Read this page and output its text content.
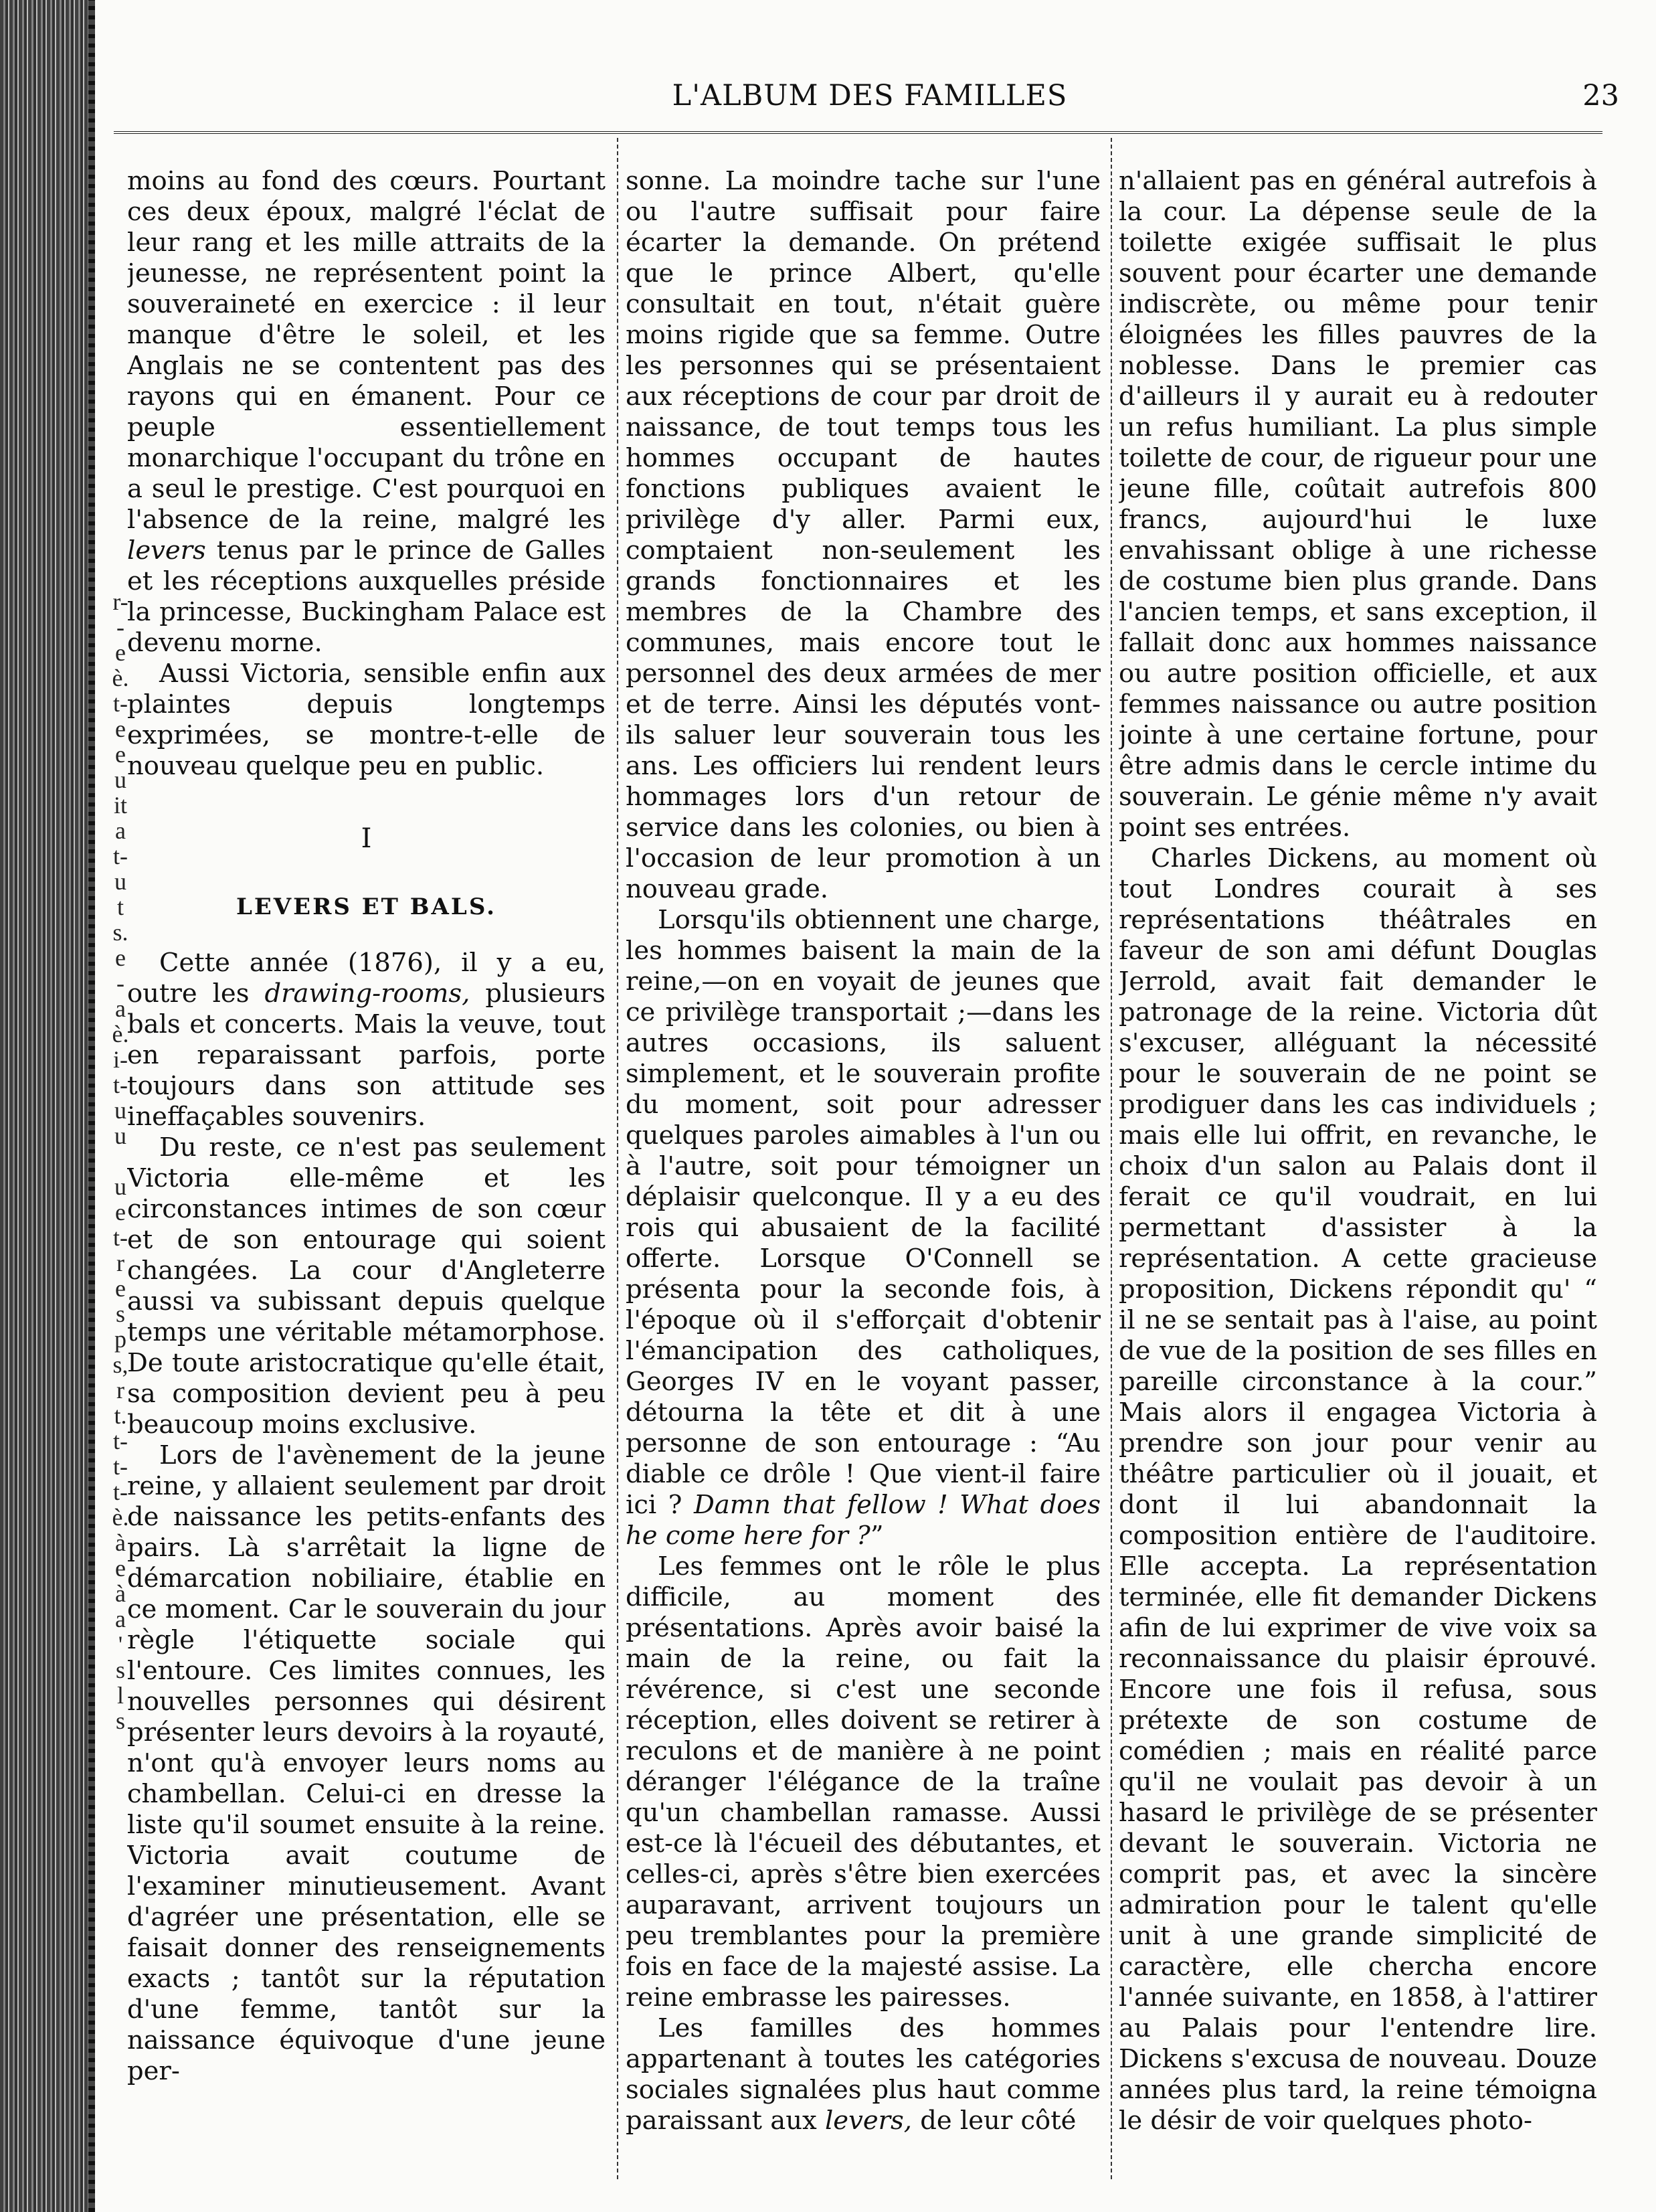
r-
-
e
è.
t-
e
e
u
it
a
t-
u
t
s.
e
-
a
è.
i-
t-
u
u

u
e
t-
r
e
s
p
s,
r
t.
t-
t-
t-
è.
à
e
à
a
'
s
l
s
L'ALBUM DES FAMILLES	23

moins au fond des cœurs. Pourtant ces deux époux, malgré l'éclat de leur rang et les mille attraits de la jeunesse, ne représentent point la souveraineté en exercice : il leur manque d'être le soleil, et les Anglais ne se contentent pas des rayons qui en émanent. Pour ce peuple essentiellement monarchique l'occupant du trône en a seul le prestige. C'est pourquoi en l'absence de la reine, malgré les levers tenus par le prince de Galles et les réceptions auxquelles préside la princesse, Buckingham Palace est devenu morne.

Aussi Victoria, sensible enfin aux plaintes depuis longtemps exprimées, se montre-t-elle de nouveau quelque peu en public.

I
LEVERS ET BALS.

Cette année (1876), il y a eu, outre les drawing-rooms, plusieurs bals et concerts. Mais la veuve, tout en reparaissant parfois, porte toujours dans son attitude ses ineffaçables souvenirs.

Du reste, ce n'est pas seulement Victoria elle-même et les circonstances intimes de son cœur et de son entourage qui soient changées. La cour d'Angleterre aussi va subissant depuis quelque temps une véritable métamorphose. De toute aristocratique qu'elle était, sa composition devient peu à peu beaucoup moins exclusive.

Lors de l'avènement de la jeune reine, y allaient seulement par droit de naissance les petits-enfants des pairs. Là s'arrêtait la ligne de démarcation nobiliaire, établie en ce moment. Car le souverain du jour règle l'étiquette sociale qui l'entoure. Ces limites connues, les nouvelles personnes qui désirent présenter leurs devoirs à la royauté, n'ont qu'à envoyer leurs noms au chambellan. Celui-ci en dresse la liste qu'il soumet ensuite à la reine. Victoria avait coutume de l'examiner minutieusement. Avant d'agréer une présentation, elle se faisait donner des renseignements exacts ; tantôt sur la réputation d'une femme, tantôt sur la naissance équivoque d'une jeune per-

sonne. La moindre tache sur l'une ou l'autre suffisait pour faire écarter la demande. On prétend que le prince Albert, qu'elle consultait en tout, n'était guère moins rigide que sa femme. Outre les personnes qui se présentaient aux réceptions de cour par droit de naissance, de tout temps tous les hommes occupant de hautes fonctions publiques avaient le privilège d'y aller. Parmi eux, comptaient non-seulement les grands fonctionnaires et les membres de la Chambre des communes, mais encore tout le personnel des deux armées de mer et de terre. Ainsi les députés vont-ils saluer leur souverain tous les ans. Les officiers lui rendent leurs hommages lors d'un retour de service dans les colonies, ou bien à l'occasion de leur promotion à un nouveau grade.

Lorsqu'ils obtiennent une charge, les hommes baisent la main de la reine,—on en voyait de jeunes que ce privilège transportait ;—dans les autres occasions, ils saluent simplement, et le souverain profite du moment, soit pour adresser quelques paroles aimables à l'un ou à l'autre, soit pour témoigner un déplaisir quelconque. Il y a eu des rois qui abusaient de la facilité offerte. Lorsque O'Connell se présenta pour la seconde fois, à l'époque où il s'efforçait d'obtenir l'émancipation des catholiques, Georges IV en le voyant passer, détourna la tête et dit à une personne de son entourage : “Au diable ce drôle ! Que vient-il faire ici ? Damn that fellow ! What does he come here for ?”

Les femmes ont le rôle le plus difficile, au moment des présentations. Après avoir baisé la main de la reine, ou fait la révérence, si c'est une seconde réception, elles doivent se retirer à reculons et de manière à ne point déranger l'élégance de la traîne qu'un chambellan ramasse. Aussi est-ce là l'écueil des débutantes, et celles-ci, après s'être bien exercées auparavant, arrivent toujours un peu tremblantes pour la première fois en face de la majesté assise. La reine embrasse les pairesses.

Les familles des hommes appartenant à toutes les catégories sociales signalées plus haut comme paraissant aux levers, de leur côté

n'allaient pas en général autrefois à la cour. La dépense seule de la toilette exigée suffisait le plus souvent pour écarter une demande indiscrète, ou même pour tenir éloignées les filles pauvres de la noblesse. Dans le premier cas d'ailleurs il y aurait eu à redouter un refus humiliant. La plus simple toilette de cour, de rigueur pour une jeune fille, coûtait autrefois 800 francs, aujourd'hui le luxe envahissant oblige à une richesse de costume bien plus grande. Dans l'ancien temps, et sans exception, il fallait donc aux hommes naissance ou autre position officielle, et aux femmes naissance ou autre position jointe à une certaine fortune, pour être admis dans le cercle intime du souverain. Le génie même n'y avait point ses entrées.

Charles Dickens, au moment où tout Londres courait à ses représentations théâtrales en faveur de son ami défunt Douglas Jerrold, avait fait demander le patronage de la reine. Victoria dût s'excuser, alléguant la nécessité pour le souverain de ne point se prodiguer dans les cas individuels ; mais elle lui offrit, en revanche, le choix d'un salon au Palais dont il ferait ce qu'il voudrait, en lui permettant d'assister à la représentation. A cette gracieuse proposition, Dickens répondit qu' “ il ne se sentait pas à l'aise, au point de vue de la position de ses filles en pareille circonstance à la cour.” Mais alors il engagea Victoria à prendre son jour pour venir au théâtre particulier où il jouait, et dont il lui abandonnait la composition entière de l'auditoire. Elle accepta. La représentation terminée, elle fit demander Dickens afin de lui exprimer de vive voix sa reconnaissance du plaisir éprouvé. Encore une fois il refusa, sous prétexte de son costume de comédien ; mais en réalité parce qu'il ne voulait pas devoir à un hasard le privilège de se présenter devant le souverain. Victoria ne comprit pas, et avec la sincère admiration pour le talent qu'elle unit à une grande simplicité de caractère, elle chercha encore l'année suivante, en 1858, à l'attirer au Palais pour l'entendre lire. Dickens s'excusa de nouveau. Douze années plus tard, la reine témoigna le désir de voir quelques photo-
